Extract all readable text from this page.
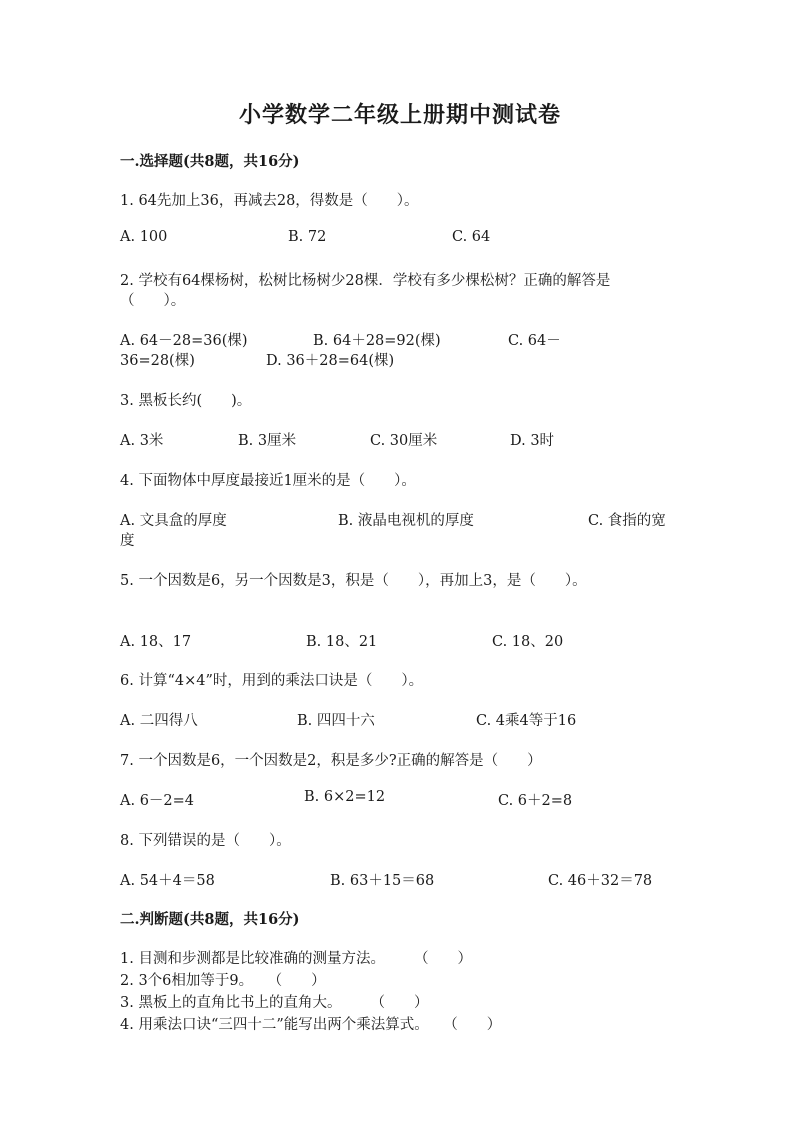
小学数学二年级上册期中测试卷
一.选择题(共8题，共16分)
1. 64先加上36，再减去28，得数是（　　）。
A. 100	B. 72	C. 64
2. 学校有64棵杨树，松树比杨树少28棵．学校有多少棵松树？正确的解答是
（　　）。
A. 64－28=36(棵)	B. 64＋28=92(棵)	C. 64－
36=28(棵)	D. 36＋28=64(棵)
3. 黑板长约(　　)。
A. 3米	B. 3厘米	C. 30厘米	D. 3时
4. 下面物体中厚度最接近1厘米的是（　　）。
A. 文具盒的厚度	B. 液晶电视机的厚度	C. 食指的宽
度
5. 一个因数是6，另一个因数是3，积是（　　），再加上3，是（　　）。
A. 18、17	B. 18、21	C. 18、20
6. 计算“4×4”时，用到的乘法口诀是（　　）。
A. 二四得八	B. 四四十六	C. 4乘4等于16
7. 一个因数是6，一个因数是2，积是多少?正确的解答是（　　）
A. 6－2=4	B. 6×2=12	C. 6＋2=8
8. 下列错误的是（　　）。
A. 54＋4＝58	B. 63＋15＝68	C. 46＋32＝78
二.判断题(共8题，共16分)
1. 目测和步测都是比较准确的测量方法。　　　（　　）
2. 3个6相加等于9。　　（　　）
3. 黑板上的直角比书上的直角大。　　　（　　）
4. 用乘法口诀“三四十二”能写出两个乘法算式。　　（　　）
